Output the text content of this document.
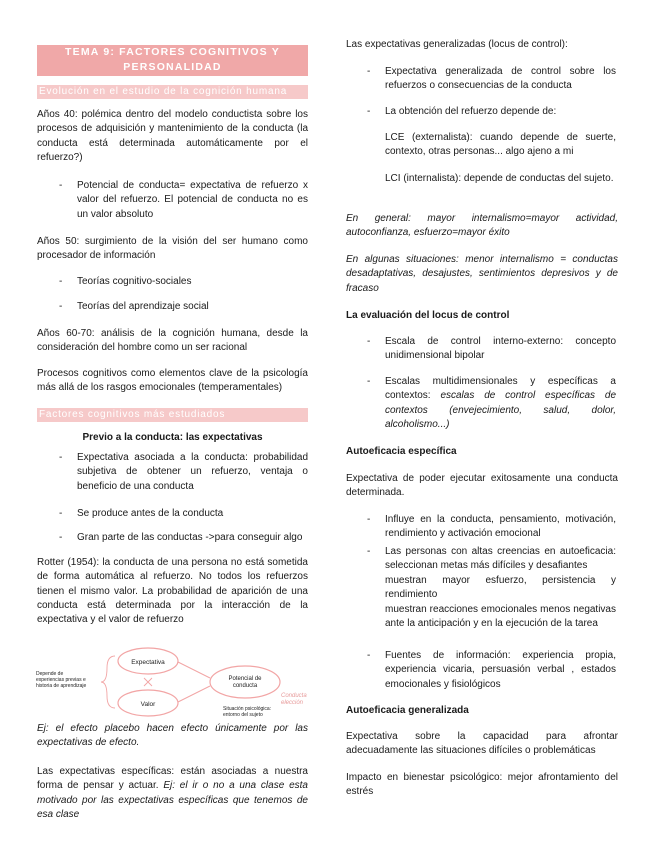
TEMA 9: FACTORES COGNITIVOS Y
PERSONALIDAD
Evolución en el estudio de la cognición humana
Años 40: polémica dentro del modelo conductista sobre los procesos de adquisición y mantenimiento de la conducta (la conducta está determinada automáticamente por el refuerzo?)
- Potencial de conducta= expectativa de refuerzo x valor del refuerzo. El potencial de conducta no es un valor absoluto
Años 50: surgimiento de la visión del ser humano como procesador de información
- Teorías cognitivo-sociales
- Teorías del aprendizaje social
Años 60-70: análisis de la cognición humana, desde la consideración del hombre como un ser racional
Procesos cognitivos como elementos clave de la psicología más allá de los rasgos emocionales (temperamentales)
Factores cognitivos más estudiados
Previo a la conducta: las expectativas
- Expectativa asociada a la conducta: probabilidad subjetiva de obtener un refuerzo, ventaja o beneficio de una conducta
- Se produce antes de la conducta
- Gran parte de las conductas ->para conseguir algo
Rotter (1954): la conducta de una persona no está sometida de forma automática al refuerzo. No todos los refuerzos tienen el mismo valor. La probabilidad de aparición de una conducta está determinada por la interacción de la expectativa y el valor de refuerzo
Expectativa
Valor
Potencial de
conducta
Depende de
experiencias previas e
historia de aprendizaje
Situación psicológica:
entorno del sujeto
Conducta
elección
Ej: el efecto placebo hacen efecto únicamente por las expectativas de efecto.
Las expectativas específicas: están asociadas a nuestra forma de pensar y actuar. Ej: el ir o no a una clase esta motivado por las expectativas específicas que tenemos de esa clase
Las expectativas generalizadas (locus de control):
- Expectativa generalizada de control sobre los refuerzos o consecuencias de la conducta
- La obtención del refuerzo depende de:
LCE (externalista): cuando depende de suerte, contexto, otras personas... algo ajeno a mi
LCI (internalista): depende de conductas del sujeto.
En general: mayor internalismo=mayor actividad, autoconfianza, esfuerzo=mayor éxito
En algunas situaciones: menor internalismo = conductas desadaptativas, desajustes, sentimientos depresivos y de fracaso
La evaluación del locus de control
- Escala de control interno-externo: concepto unidimensional bipolar
- Escalas multidimensionales y específicas a contextos: escalas de control específicas de contextos (envejecimiento, salud, dolor, alcoholismo...)
Autoeficacia específica
Expectativa de poder ejecutar exitosamente una conducta determinada.
- Influye en la conducta, pensamiento, motivación, rendimiento y activación emocional
- Las personas con altas creencias en autoeficacia: seleccionan metas más difíciles y desafiantes
muestran mayor esfuerzo, persistencia y rendimiento
muestran reacciones emocionales menos negativas ante la anticipación y en la ejecución de la tarea
- Fuentes de información: experiencia propia, experiencia vicaria, persuasión verbal , estados emocionales y fisiológicos
Autoeficacia generalizada
Expectativa sobre la capacidad para afrontar adecuadamente las situaciones difíciles o problemáticas
Impacto en bienestar psicológico: mejor afrontamiento del estrés
